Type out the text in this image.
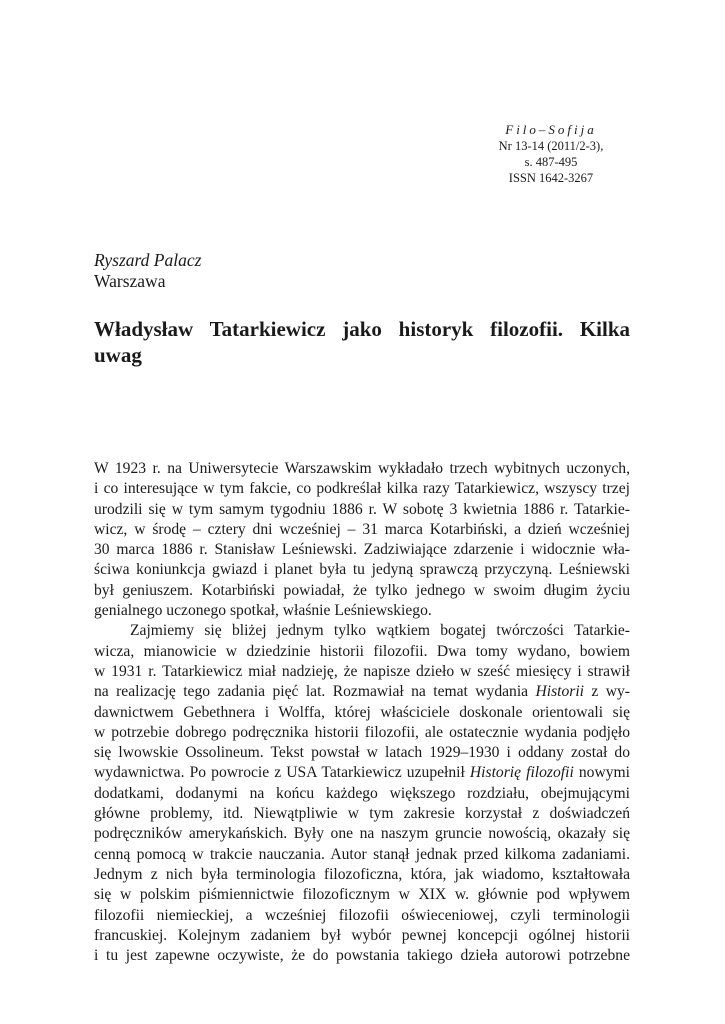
Filo–Sofija
Nr 13-14 (2011/2-3),
s. 487-495
ISSN 1642-3267
Ryszard Palacz
Warszawa
Władysław Tatarkiewicz jako historyk filozofii. Kilka
uwag
W 1923 r. na Uniwersytecie Warszawskim wykładało trzech wybitnych uczonych,
i co interesujące w tym fakcie, co podkreślał kilka razy Tatarkiewicz, wszyscy trzej
urodzili się w tym samym tygodniu 1886 r. W sobotę 3 kwietnia 1886 r. Tatarkie-
wicz, w środę – cztery dni wcześniej – 31 marca Kotarbiński, a dzień wcześniej
30 marca 1886 r. Stanisław Leśniewski. Zadziwiające zdarzenie i widocznie wła-
ściwa koniunkcja gwiazd i planet była tu jedyną sprawczą przyczyną. Leśniewski
był geniuszem. Kotarbiński powiadał, że tylko jednego w swoim długim życiu
genialnego uczonego spotkał, właśnie Leśniewskiego.
Zajmiemy się bliżej jednym tylko wątkiem bogatej twórczości Tatarkie-
wicza, mianowicie w dziedzinie historii filozofii. Dwa tomy wydano, bowiem
w 1931 r. Tatarkiewicz miał nadzieję, że napisze dzieło w sześć miesięcy i strawił
na realizację tego zadania pięć lat. Rozmawiał na temat wydania Historii z wy-
dawnictwem Gebethnera i Wolffa, której właściciele doskonale orientowali się
w potrzebie dobrego podręcznika historii filozofii, ale ostatecznie wydania podjęło
się lwowskie Ossolineum. Tekst powstał w latach 1929–1930 i oddany został do
wydawnictwa. Po powrocie z USA Tatarkiewicz uzupełnił Historię filozofii nowymi
dodatkami, dodanymi na końcu każdego większego rozdziału, obejmującymi
główne problemy, itd. Niewątpliwie w tym zakresie korzystał z doświadczeń
podręczników amerykańskich. Były one na naszym gruncie nowością, okazały się
cenną pomocą w trakcie nauczania. Autor stanął jednak przed kilkoma zadaniami.
Jednym z nich była terminologia filozoficzna, która, jak wiadomo, kształtowała
się w polskim piśmiennictwie filozoficznym w XIX w. głównie pod wpływem
filozofii niemieckiej, a wcześniej filozofii oświeceniowej, czyli terminologii
francuskiej. Kolejnym zadaniem był wybór pewnej koncepcji ogólnej historii
i tu jest zapewne oczywiste, że do powstania takiego dzieła autorowi potrzebne
